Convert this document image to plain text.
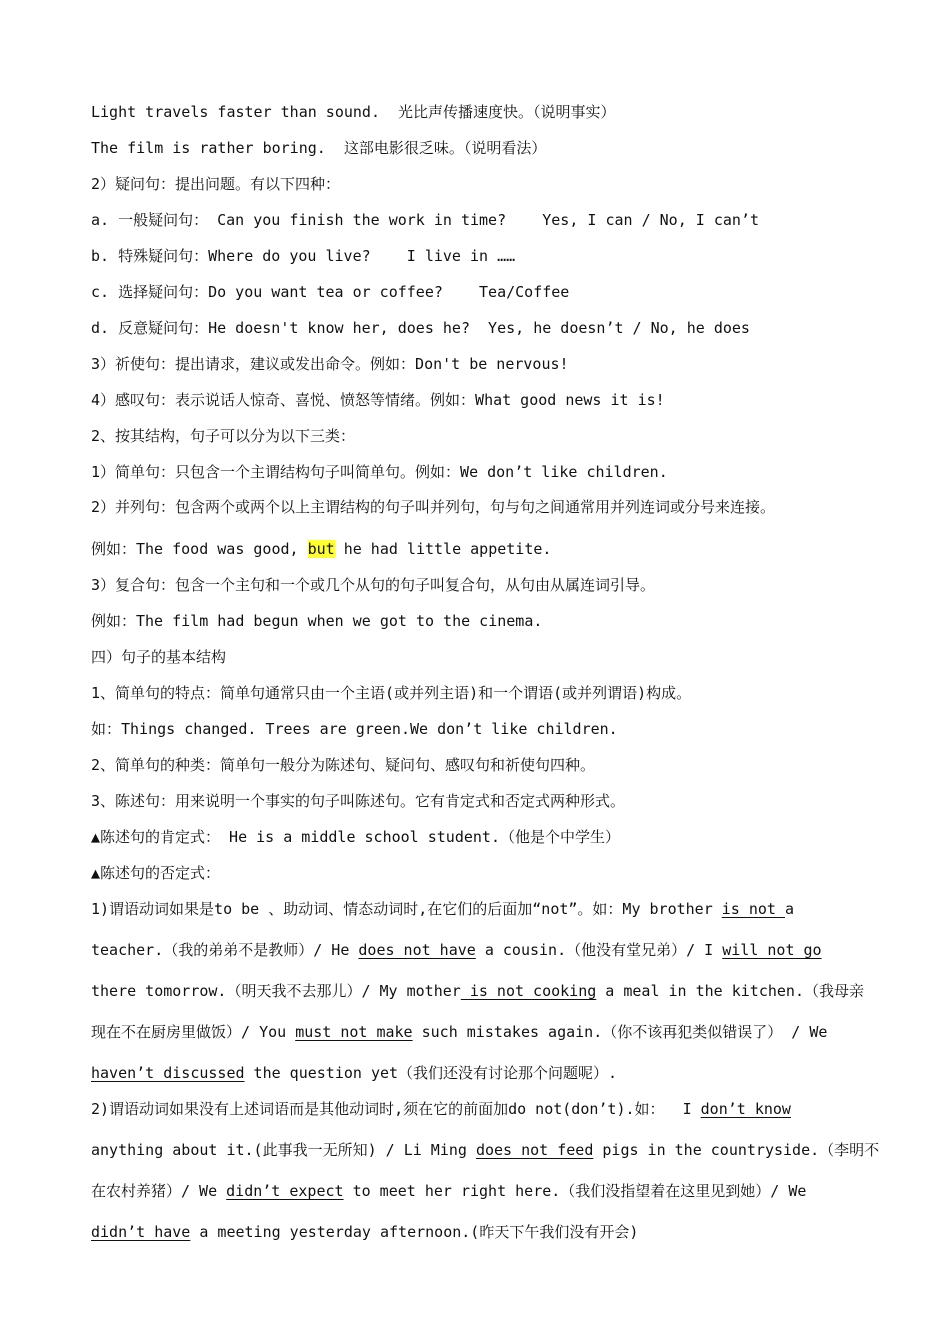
Light travels faster than sound.  光比声传播速度快。（说明事实）
The film is rather boring.  这部电影很乏味。（说明看法）
2）疑问句：提出问题。有以下四种：
a. 一般疑问句： Can you finish the work in time?    Yes, I can / No, I can’t
b. 特殊疑问句：Where do you live?    I live in ……
c. 选择疑问句：Do you want tea or coffee?    Tea/Coffee
d. 反意疑问句：He doesn't know her, does he?  Yes, he doesn’t / No, he does
3）祈使句：提出请求，建议或发出命令。例如：Don't be nervous!
4）感叹句：表示说话人惊奇、喜悦、愤怒等情绪。例如：What good news it is!
2、按其结构，句子可以分为以下三类：
1）简单句：只包含一个主谓结构句子叫简单句。例如：We don’t like children.
2）并列句：包含两个或两个以上主谓结构的句子叫并列句，句与句之间通常用并列连词或分号来连接。
例如：The food was good, but he had little appetite.
3）复合句：包含一个主句和一个或几个从句的句子叫复合句，从句由从属连词引导。
例如：The film had begun when we got to the cinema.
四）句子的基本结构
1、简单句的特点：简单句通常只由一个主语(或并列主语)和一个谓语(或并列谓语)构成。
如：Things changed. Trees are green.We don’t like children.
2、简单句的种类：简单句一般分为陈述句、疑问句、感叹句和祈使句四种。
3、陈述句：用来说明一个事实的句子叫陈述句。它有肯定式和否定式两种形式。
▲陈述句的肯定式： He is a middle school student.（他是个中学生）
▲陈述句的否定式：
1)谓语动词如果是to be 、助动词、情态动词时,在它们的后面加“not”。如：My brother is not a
teacher.（我的弟弟不是教师）/ He does not have a cousin.（他没有堂兄弟）/ I will not go
there tomorrow.（明天我不去那儿）/ My mother is not cooking a meal in the kitchen.（我母亲
现在不在厨房里做饭）/ You must not make such mistakes again.（你不该再犯类似错误了） / We
haven’t discussed the question yet（我们还没有讨论那个问题呢）.
2)谓语动词如果没有上述词语而是其他动词时,须在它的前面加do not(don’t).如：  I don’t know
anything about it.(此事我一无所知) / Li Ming does not feed pigs in the countryside.（李明不
在农村养猪）/ We didn’t expect to meet her right here.（我们没指望着在这里见到她）/ We
didn’t have a meeting yesterday afternoon.(昨天下午我们没有开会)
